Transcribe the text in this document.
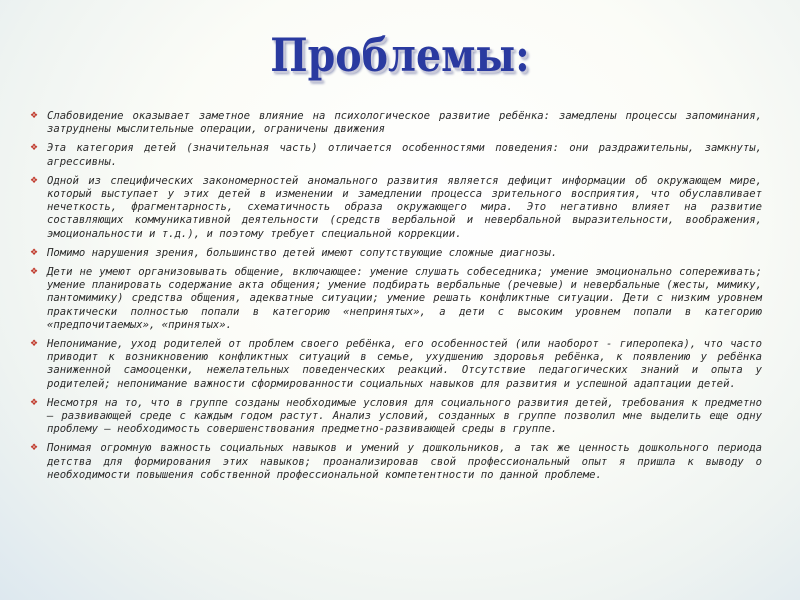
Проблемы:
❖ Слабовидение оказывает заметное влияние на психологическое развитие ребёнка: замедлены процессы запоминания, затруднены мыслительные операции, ограничены движения
❖ Эта категория детей (значительная часть) отличается особенностями поведения: они раздражительны, замкнуты, агрессивны.
❖ Одной из специфических закономерностей аномального развития является дефицит информации об окружающем мире, который выступает у этих детей в изменении и замедлении процесса зрительного восприятия, что обуславливает нечеткость, фрагментарность, схематичность образа окружающего мира. Это негативно влияет на развитие составляющих коммуникативной деятельности (средств вербальной и невербальной выразительности, воображения, эмоциональности и т.д.), и поэтому требует специальной коррекции.
❖ Помимо нарушения зрения, большинство детей имеют сопутствующие сложные диагнозы.
❖ Дети не умеют организовывать общение, включающее: умение слушать собеседника; умение эмоционально сопереживать; умение планировать содержание акта общения; умение подбирать вербальные (речевые) и невербальные (жесты, мимику, пантомимику) средства общения, адекватные ситуации; умение решать конфликтные ситуации. Дети с низким уровнем практически полностью попали в категорию «непринятых», а дети с высоким уровнем попали в категорию «предпочитаемых», «принятых».
❖ Непонимание, уход родителей от проблем своего ребёнка, его особенностей (или наоборот - гиперопека), что часто приводит к возникновению конфликтных ситуаций в семье, ухудшению здоровья ребёнка, к появлению у ребёнка заниженной самооценки, нежелательных поведенческих реакций. Отсутствие педагогических знаний и опыта у родителей; непонимание важности сформированности социальных навыков для развития и успешной адаптации детей.
❖ Несмотря на то, что в группе созданы необходимые условия для социального развития детей, требования к предметно – развивающей среде с каждым годом растут. Анализ условий, созданных в группе позволил мне выделить еще одну проблему – необходимость совершенствования предметно-развивающей среды в группе.
❖ Понимая огромную важность социальных навыков и умений у дошкольников, а так же ценность дошкольного периода детства для формирования этих навыков; проанализировав свой профессиональный опыт я пришла к выводу о необходимости повышения собственной профессиональной компетентности по данной проблеме.
